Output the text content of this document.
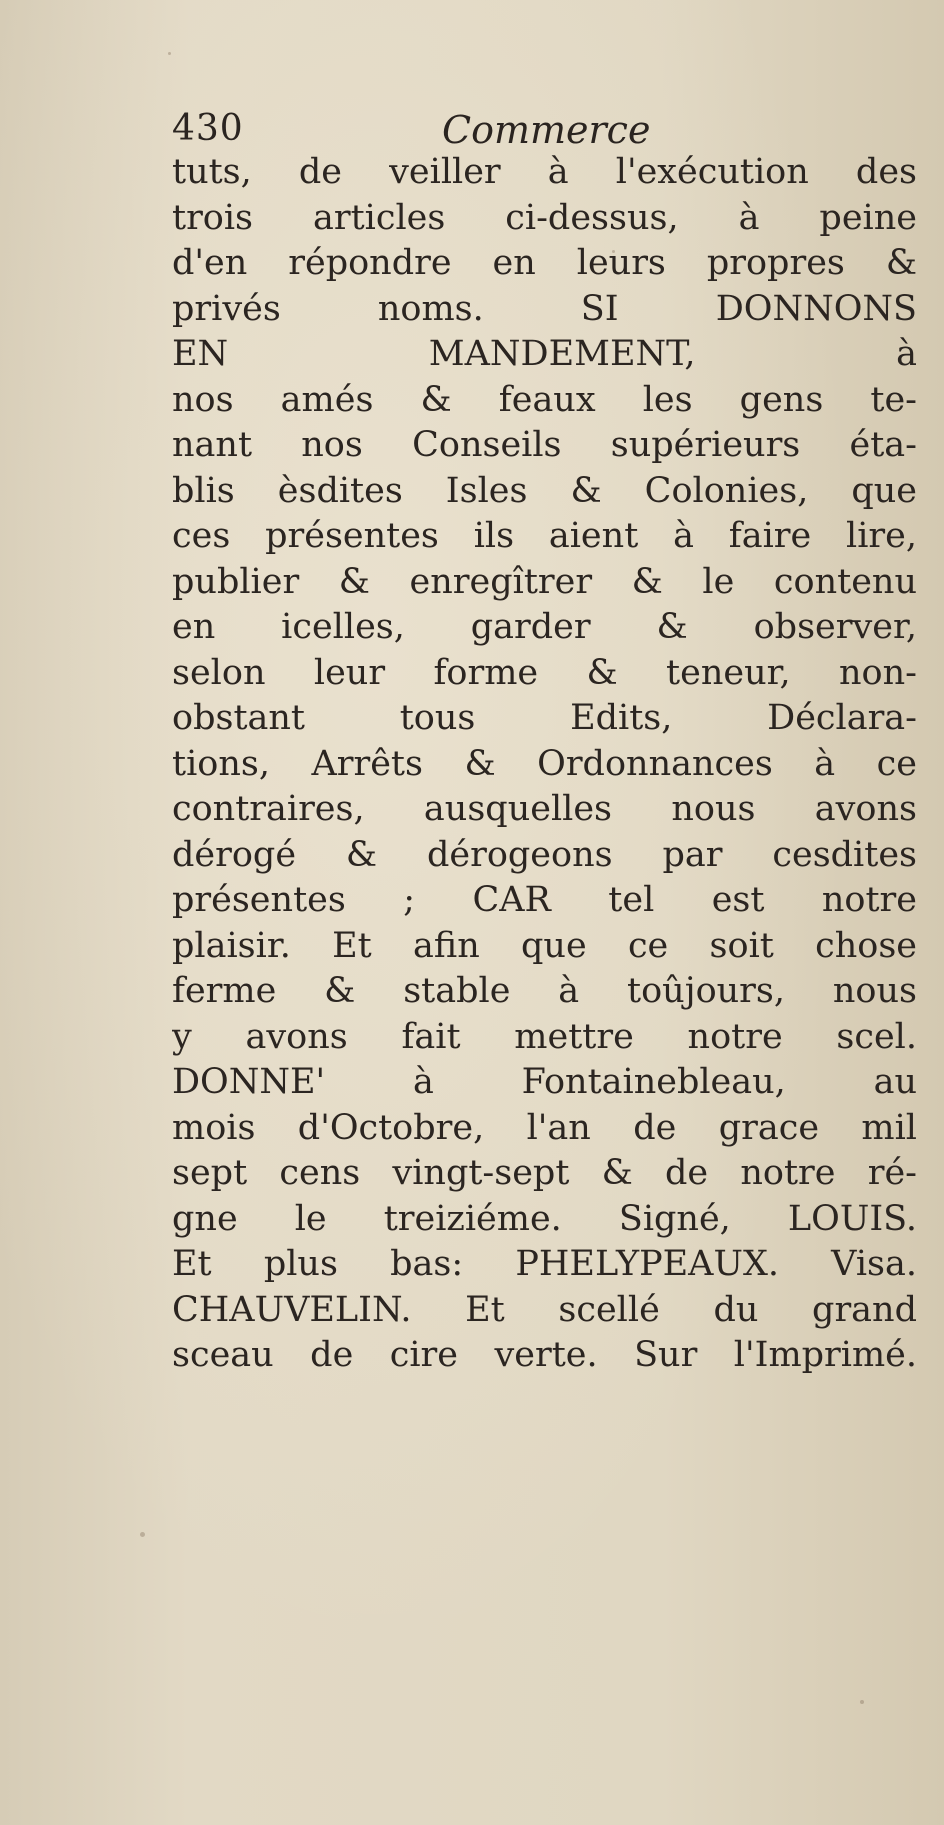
430	Commerce
tuts, de veiller à l'exécution des
trois articles ci-dessus, à peine
d'en répondre en leurs propres &
privés noms. SI DONNONS
EN MANDEMENT, à
nos amés & feaux les gens te-
nant nos Conseils supérieurs éta-
blis èsdites Isles & Colonies, que
ces présentes ils aient à faire lire,
publier & enregîtrer & le contenu
en icelles, garder & observer,
selon leur forme & teneur, non-
obstant tous Edits, Déclara-
tions, Arrêts & Ordonnances à ce
contraires, ausquelles nous avons
dérogé & dérogeons par cesdites
présentes ; CAR tel est notre
plaisir. Et afin que ce soit chose
ferme & stable à toûjours, nous
y avons fait mettre notre scel.
DONNE' à Fontainebleau, au
mois d'Octobre, l'an de grace mil
sept cens vingt-sept & de notre ré-
gne le treiziéme. Signé, LOUIS.
Et plus bas: PHELYPEAUX. Visa.
CHAUVELIN. Et scellé du grand
sceau de cire verte. Sur l'Imprimé.
